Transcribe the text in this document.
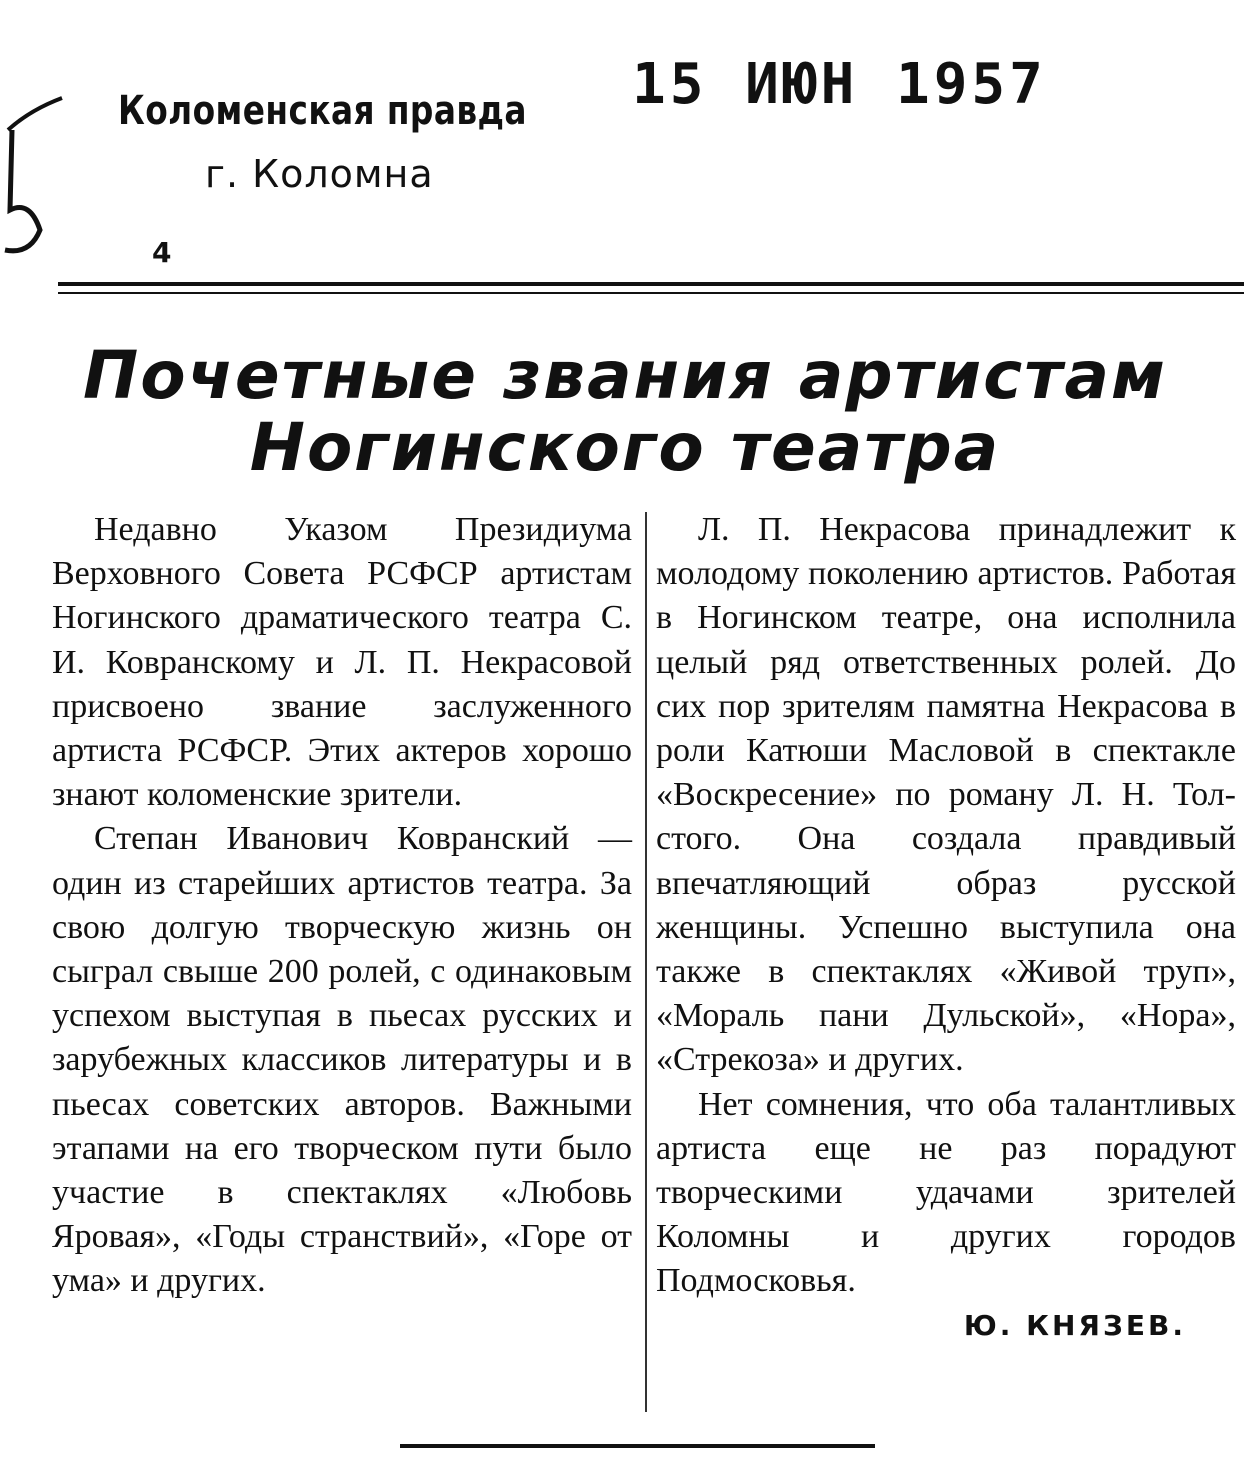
Коломенская правда
г. Коломна
15 ИЮН 1957
4
Почетные звания артистам
Ногинского театра

Недавно Указом Президиума Верховного Совета РСФСР артистам Ногинского драматического театра С. И. Ковранскому и Л. П. Некрасовой присвоено звание заслуженного артиста РСФСР. Этих актеров хорошо знают коломенские зрители.

Степан Иванович Ковранский —один из старейших артистов театра. За свою долгую творческую жизнь он сыграл свыше 200 ролей, с одинаковым успехом выступая в пьесах русских и зарубежных классиков литературы и в пьесах советских авторов. Важными этапами на его творческом пути было участие в спектаклях «Любовь Яровая», «Годы странствий», «Горе от ума» и других.

Л. П. Некрасова принадлежит к молодому поколению артистов. Работая в Ногинском театре, она исполнила целый ряд ответственных ролей. До сих пор зрителям памятна Некрасова в роли Катюши Масловой в спектакле «Воскресение» по роману Л. Н. Толстого. Она создала правдивый впечатляющий образ русской женщины. Успешно выступила она также в спектаклях «Живой труп», «Мораль пани Дульской», «Нора», «Стрекоза» и других.

Нет сомнения, что оба талантливых артиста еще не раз порадуют творческими удачами зрителей Коломны и других городов Подмосковья.

Ю. КНЯЗЕВ.
